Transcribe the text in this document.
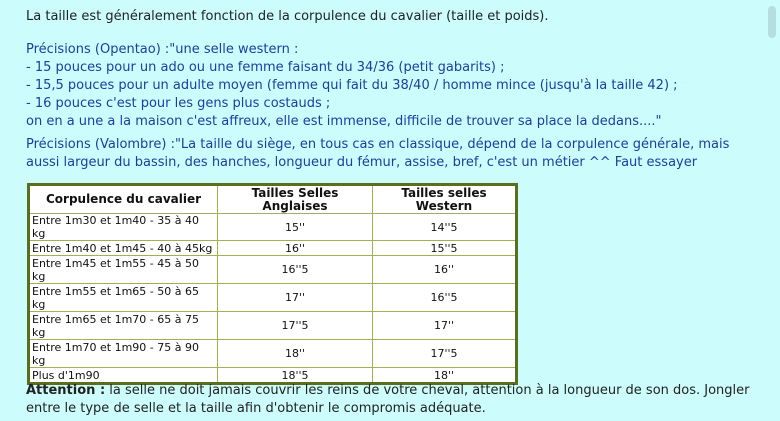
La taille est généralement fonction de la corpulence du cavalier (taille et poids).

Précisions (Opentao) :"une selle western :
- 15 pouces pour un ado ou une femme faisant du 34/36 (petit gabarits) ;
- 15,5 pouces pour un adulte moyen (femme qui fait du 38/40 / homme mince (jusqu'à la taille 42) ;
- 16 pouces c'est pour les gens plus costauds ;
on en a une a la maison c'est affreux, elle est immense, difficile de trouver sa place la dedans...."
Précisions (Valombre) :"La taille du siège, en tous cas en classique, dépend de la corpulence générale, mais
aussi largeur du bassin, des hanches, longueur du fémur, assise, bref, c'est un métier ^^ Faut essayer
Corpulence du cavalier	Tailles Selles Anglaises	Tailles selles Western
Entre 1m30 et 1m40 - 35 à 40 kg	15''	14''5
Entre 1m40 et 1m45 - 40 à 45kg	16''	15''5
Entre 1m45 et 1m55 - 45 à 50 kg	16''5	16''
Entre 1m55 et 1m65 - 50 à 65 kg	17''	16''5
Entre 1m65 et 1m70 - 65 à 75 kg	17''5	17''
Entre 1m70 et 1m90 - 75 à 90 kg	18''	17''5
Plus d'1m90	18''5	18''

Attention : la selle ne doit jamais couvrir les reins de votre cheval, attention à la longueur de son dos. Jongler entre le type de selle et la taille afin d'obtenir le compromis adéquate.
